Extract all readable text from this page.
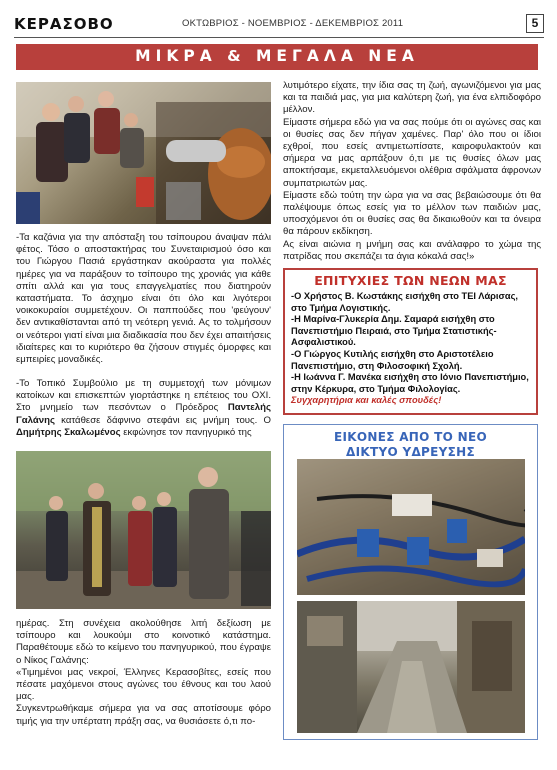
ΚΕΡΑΣΟΒΟ	ΟΚΤΩΒΡΙΟΣ - ΝΟΕΜΒΡΙΟΣ - ΔΕΚΕΜΒΡΙΟΣ 2011	5
ΜΙΚΡΑ & ΜΕΓΑΛΑ ΝΕΑ

-Τα καζάνια για την απόσταξη του τσίπουρου άναψαν πάλι φέτος. Τόσο ο αποστακτήρας του Συνεταιρισμού όσο και του Γιώργου Πασιά εργάστηκαν ακούραστα για πολλές ημέρες για να παράξουν το τσίπουρο της χρονιάς για κάθε σπίτι αλλά και για τους επαγγελματίες που διατηρούν καταστήματα. Το άσχημο είναι ότι όλο και λιγότεροι νοικοκυραίοι συμμετέχουν. Οι παππούδες που 'φεύγουν' δεν αντικαθίστανται από τη νεότερη γενιά. Ας το τολμήσουν οι νεότεροι γιατί είναι μια διαδικασία που δεν έχει απαιτήσεις ιδιαίτερες και το κυριότερο θα ζήσουν στιγμές όμορφες και εμπειρίες μοναδικές.

-Το Τοπικό Συμβούλιο με τη συμμετοχή των μόνιμων κατοίκων και επισκεπτών γιορτάστηκε η επέτειος του ΟΧΙ. Στο μνημείο των πεσόντων ο Πρόεδρος Παντελής Γαλάνης κατάθεσε δάφνινο στεφάνι εις μνήμη τους. Ο Δημήτρης Σκαλωμένος εκφώνησε τον πανηγυρικό της

ημέρας. Στη συνέχεια ακολούθησε λιτή δεξίωση με τσίπουρο και λουκούμι στο κοινοτικό κατάστημα. Παραθέτουμε εδώ το κείμενο του πανηγυρικού, που έγραψε ο Νίκος Γαλάνης:

«Τιμημένοι μας νεκροί, Έλληνες Κερασοβίτες, εσείς που πέσατε μαχόμενοι στους αγώνες του έθνους και του λαού μας.

Συγκεντρωθήκαμε σήμερα για να σας αποτίσουμε φόρο τιμής για την υπέρτατη πράξη σας, να θυσιάσετε ό,τι πο-

λυτιμότερο είχατε, την ίδια σας τη ζωή, αγωνιζόμενοι για μας και τα παιδιά μας, για μια καλύτερη ζωή, για ένα ελπιδοφόρο μέλλον.

Είμαστε σήμερα εδώ για να σας πούμε ότι οι αγώνες σας και οι θυσίες σας δεν πήγαν χαμένες. Παρ' όλο που οι ίδιοι εχθροί, που εσείς αντιμετωπίσατε, καιροφυλακτούν και σήμερα να μας αρπάξουν ό,τι με τις θυσίες όλων μας αποκτήσαμε, εκμεταλλευόμενοι ολέθρια σφάλματα άφρονων συμπατριωτών μας.

Είμαστε εδώ τούτη την ώρα για να σας βεβαιώσουμε ότι θα παλέψουμε όπως εσείς για το μέλλον των παιδιών μας, υποσχόμενοι ότι οι θυσίες σας θα δικαιωθούν και τα όνειρα θα πάρουν εκδίκηση.

Ας είναι αιώνια η μνήμη σας και ανάλαφρο το χώμα της πατρίδας που σκεπάζει τα άγια κόκαλά σας!»

ΕΠΙΤΥΧΙΕΣ ΤΩΝ ΝΕΩΝ ΜΑΣ
-Ο Χρήστος Β. Κωστάκης εισήχθη στο ΤΕΙ Λάρισας, στο Τμήμα Λογιστικής.
-Η Μαρίνα-Γλυκερία Δημ. Σαμαρά εισήχθη στο Πανεπιστήμιο Πειραιά, στο Τμήμα Στατιστικής-Ασφαλιστικού.
-Ο Γιώργος Κυτιλής εισήχθη στο Αριστοτέλειο Πανεπιστήμιο, στη Φιλοσοφική Σχολή.
-Η Ιωάννα Γ. Μανέκα εισήχθη στο Ιόνιο Πανεπιστήμιο, στην Κέρκυρα, στο Τμήμα Φιλολογίας.
Συγχαρητήρια και καλές σπουδές!
ΕΙΚΟΝΕΣ ΑΠΟ ΤΟ ΝΕΟ
ΔΙΚΤΥΟ ΥΔΡΕΥΣΗΣ
